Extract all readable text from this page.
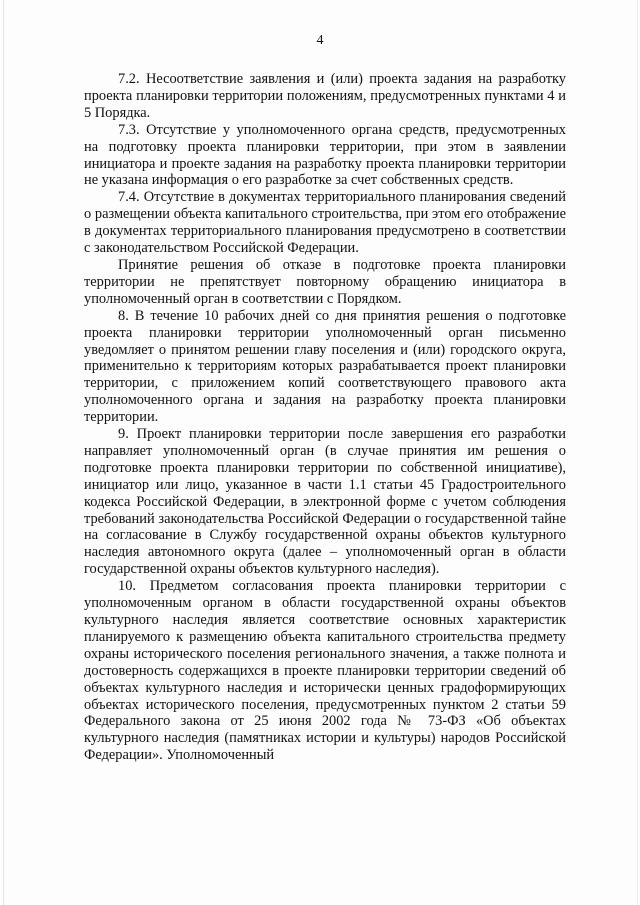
4

7.2. Несоответствие заявления и (или) проекта задания на разработку проекта планировки территории положениям, предусмотренных пунктами 4 и 5 Порядка.

7.3. Отсутствие у уполномоченного органа средств, предусмотренных на подготовку проекта планировки территории, при этом в заявлении инициатора и проекте задания на разработку проекта планировки территории не указана информация о его разработке за счет собственных средств.

7.4. Отсутствие в документах территориального планирования сведений о размещении объекта капитального строительства, при этом его отображение в документах территориального планирования предусмотрено в соответствии с законодательством Российской Федерации.

Принятие решения об отказе в подготовке проекта планировки территории не препятствует повторному обращению инициатора в уполномоченный орган в соответствии с Порядком.

8. В течение 10 рабочих дней со дня принятия решения о подготовке проекта планировки территории уполномоченный орган письменно уведомляет о принятом решении главу поселения и (или) городского округа, применительно к территориям которых разрабатывается проект планировки территории, с приложением копий соответствующего правового акта уполномоченного органа и задания на разработку проекта планировки территории.

9. Проект планировки территории после завершения его разработки направляет уполномоченный орган (в случае принятия им решения о подготовке проекта планировки территории по собственной инициативе), инициатор или лицо, указанное в части 1.1 статьи 45 Градостроительного кодекса Российской Федерации, в электронной форме с учетом соблюдения требований законодательства Российской Федерации о государственной тайне на согласование в Службу государственной охраны объектов культурного наследия автономного округа (далее – уполномоченный орган в области государственной охраны объектов культурного наследия).

10. Предметом согласования проекта планировки территории с уполномоченным органом в области государственной охраны объектов культурного наследия является соответствие основных характеристик планируемого к размещению объекта капитального строительства предмету охраны исторического поселения регионального значения, а также полнота и достоверность содержащихся в проекте планировки территории сведений об объектах культурного наследия и исторически ценных градоформирующих объектах исторического поселения, предусмотренных пунктом 2 статьи 59 Федерального закона от 25 июня 2002 года № 73-ФЗ «Об объектах культурного наследия (памятниках истории и культуры) народов Российской Федерации». Уполномоченный
